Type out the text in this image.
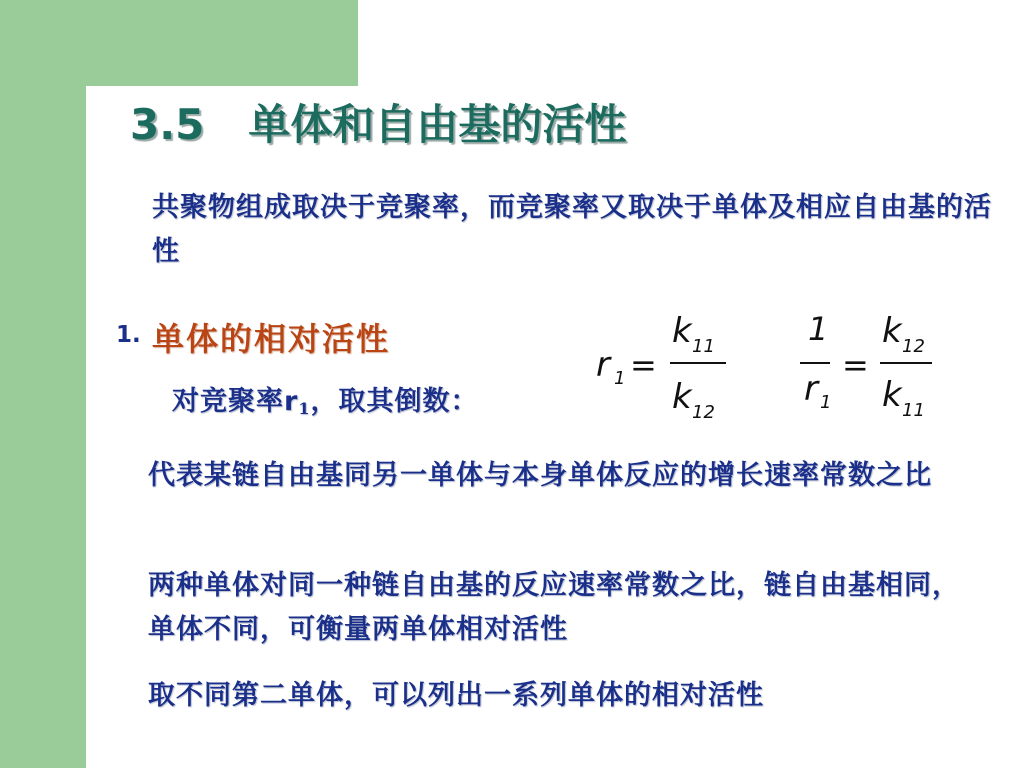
3.5 单体和自由基的活性
共聚物组成取决于竞聚率，而竞聚率又取决于单体及相应自由基的活性
1. 单体的相对活性
对竞聚率$r_1$，取其倒数：
r 1 =
k 11
k 12
1
r 1
=
k 12
k 11
代表某链自由基同另一单体与本身单体反应的增长速率常数之比
两种单体对同一种链自由基的反应速率常数之比，链自由基相同，单体不同，可衡量两单体相对活性
取不同第二单体，可以列出一系列单体的相对活性
